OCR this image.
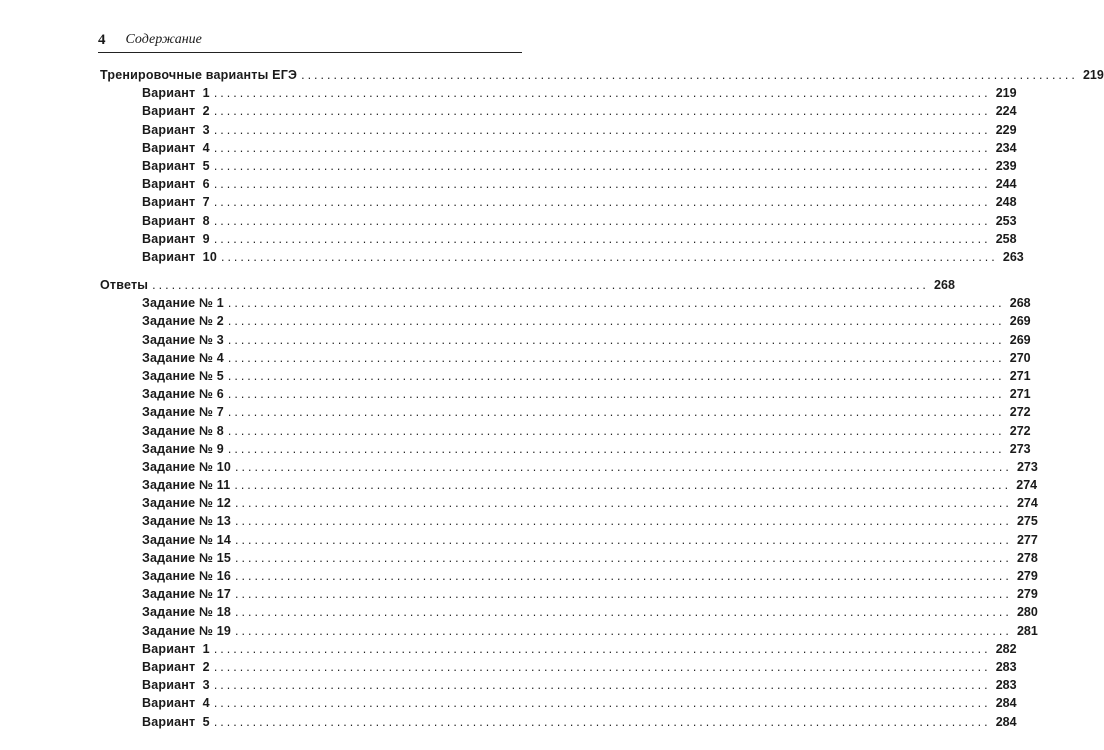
4 Содержание
Тренировочные варианты ЕГЭ ........................................................................................................................ 219
Вариант  1 ........................................................................................................................ 219
Вариант  2 ........................................................................................................................ 224
Вариант  3 ........................................................................................................................ 229
Вариант  4 ........................................................................................................................ 234
Вариант  5 ........................................................................................................................ 239
Вариант  6 ........................................................................................................................ 244
Вариант  7 ........................................................................................................................ 248
Вариант  8 ........................................................................................................................ 253
Вариант  9 ........................................................................................................................ 258
Вариант  10 ........................................................................................................................ 263
Ответы ........................................................................................................................ 268
Задание № 1 ........................................................................................................................ 268
Задание № 2 ........................................................................................................................ 269
Задание № 3 ........................................................................................................................ 269
Задание № 4 ........................................................................................................................ 270
Задание № 5 ........................................................................................................................ 271
Задание № 6 ........................................................................................................................ 271
Задание № 7 ........................................................................................................................ 272
Задание № 8 ........................................................................................................................ 272
Задание № 9 ........................................................................................................................ 273
Задание № 10 ........................................................................................................................ 273
Задание № 11 ........................................................................................................................ 274
Задание № 12 ........................................................................................................................ 274
Задание № 13 ........................................................................................................................ 275
Задание № 14 ........................................................................................................................ 277
Задание № 15 ........................................................................................................................ 278
Задание № 16 ........................................................................................................................ 279
Задание № 17 ........................................................................................................................ 279
Задание № 18 ........................................................................................................................ 280
Задание № 19 ........................................................................................................................ 281
Вариант  1 ........................................................................................................................ 282
Вариант  2 ........................................................................................................................ 283
Вариант  3 ........................................................................................................................ 283
Вариант  4 ........................................................................................................................ 284
Вариант  5 ........................................................................................................................ 284
